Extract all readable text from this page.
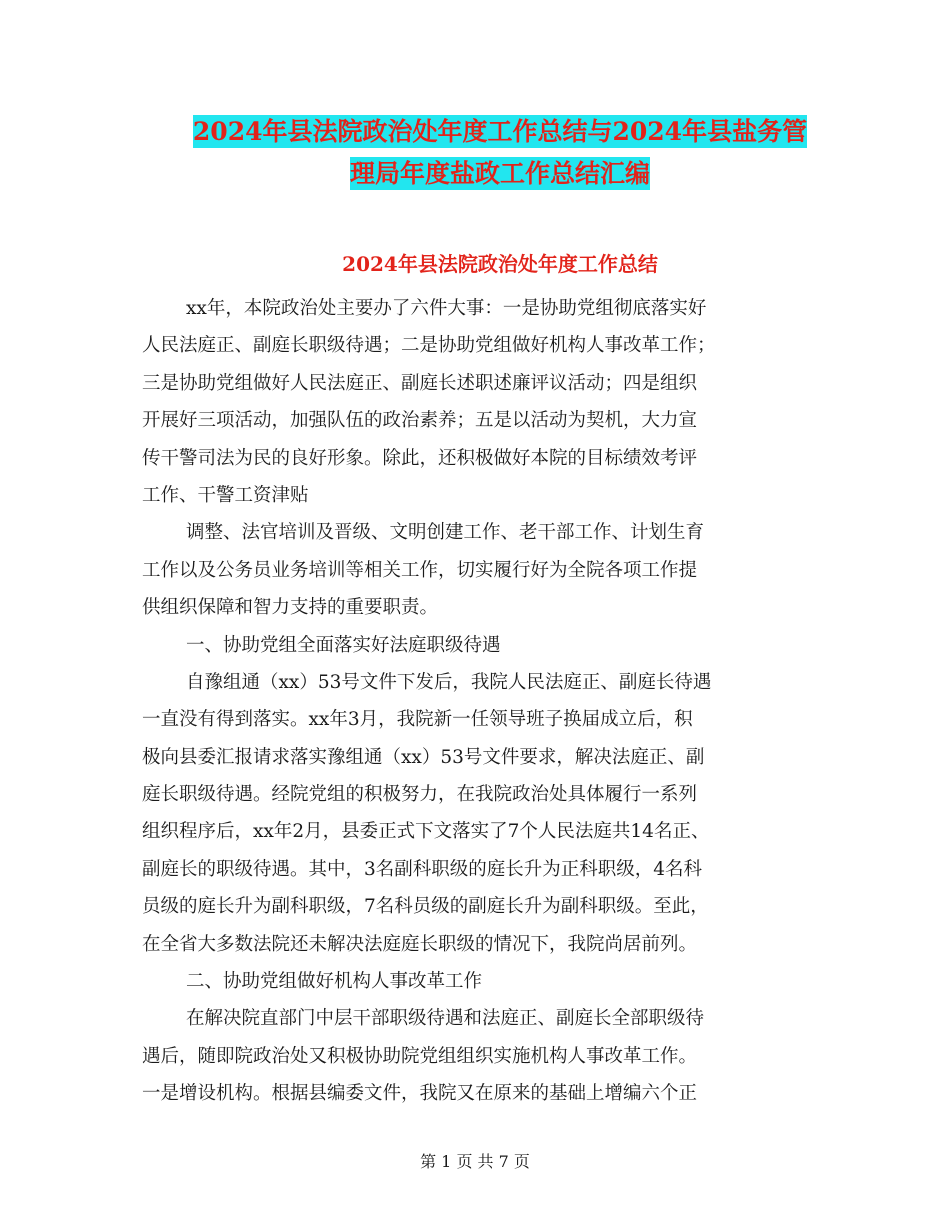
2024年县法院政治处年度工作总结与2024年县盐务管
理局年度盐政工作总结汇编
2024年县法院政治处年度工作总结
xx年，本院政治处主要办了六件大事：一是协助党组彻底落实好
人民法庭正、副庭长职级待遇；二是协助党组做好机构人事改革工作；
三是协助党组做好人民法庭正、副庭长述职述廉评议活动；四是组织
开展好三项活动，加强队伍的政治素养；五是以活动为契机，大力宣
传干警司法为民的良好形象。除此，还积极做好本院的目标绩效考评
工作、干警工资津贴
调整、法官培训及晋级、文明创建工作、老干部工作、计划生育
工作以及公务员业务培训等相关工作，切实履行好为全院各项工作提
供组织保障和智力支持的重要职责。
一、协助党组全面落实好法庭职级待遇
自豫组通（xx）53号文件下发后，我院人民法庭正、副庭长待遇
一直没有得到落实。xx年3月，我院新一任领导班子换届成立后，积
极向县委汇报请求落实豫组通（xx）53号文件要求，解决法庭正、副
庭长职级待遇。经院党组的积极努力，在我院政治处具体履行一系列
组织程序后，xx年2月，县委正式下文落实了7个人民法庭共14名正、
副庭长的职级待遇。其中，3名副科职级的庭长升为正科职级，4名科
员级的庭长升为副科职级，7名科员级的副庭长升为副科职级。至此，
在全省大多数法院还未解决法庭庭长职级的情况下，我院尚居前列。
二、协助党组做好机构人事改革工作
在解决院直部门中层干部职级待遇和法庭正、副庭长全部职级待
遇后，随即院政治处又积极协助院党组组织实施机构人事改革工作。
一是增设机构。根据县编委文件，我院又在原来的基础上增编六个正
第 1 页 共 7 页
